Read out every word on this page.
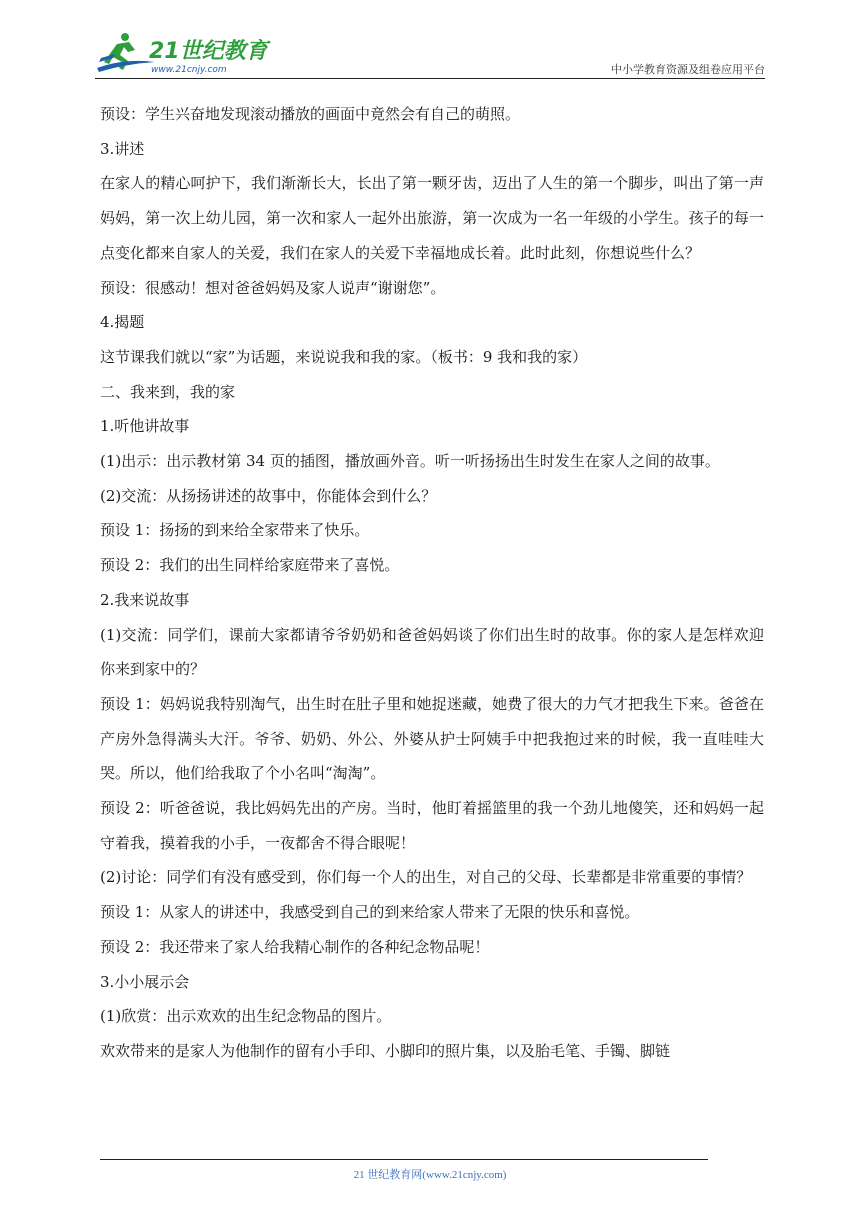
21世纪教育
www.21cnjy.com	中小学教育资源及组卷应用平台

预设：学生兴奋地发现滚动播放的画面中竟然会有自己的萌照。

3.讲述

在家人的精心呵护下，我们渐渐长大，长出了第一颗牙齿，迈出了人生的第一个脚步，叫出了第一声妈妈，第一次上幼儿园，第一次和家人一起外出旅游，第一次成为一名一年级的小学生。孩子的每一点变化都来自家人的关爱，我们在家人的关爱下幸福地成长着。此时此刻，你想说些什么？

预设：很感动！想对爸爸妈妈及家人说声“谢谢您”。

4.揭题

这节课我们就以“家”为话题，来说说我和我的家。（板书：9 我和我的家）

二、我来到，我的家

1.听他讲故事

(1)出示：出示教材第 34 页的插图，播放画外音。听一听扬扬出生时发生在家人之间的故事。

(2)交流：从扬扬讲述的故事中，你能体会到什么？

预设 1：扬扬的到来给全家带来了快乐。

预设 2：我们的出生同样给家庭带来了喜悦。

2.我来说故事

(1)交流：同学们，课前大家都请爷爷奶奶和爸爸妈妈谈了你们出生时的故事。你的家人是怎样欢迎你来到家中的？

预设 1：妈妈说我特别淘气，出生时在肚子里和她捉迷藏，她费了很大的力气才把我生下来。爸爸在产房外急得满头大汗。爷爷、奶奶、外公、外婆从护士阿姨手中把我抱过来的时候，我一直哇哇大哭。所以，他们给我取了个小名叫“淘淘”。

预设 2：听爸爸说，我比妈妈先出的产房。当时，他盯着摇篮里的我一个劲儿地傻笑，还和妈妈一起守着我，摸着我的小手，一夜都舍不得合眼呢！

(2)讨论：同学们有没有感受到，你们每一个人的出生，对自己的父母、长辈都是非常重要的事情？

预设 1：从家人的讲述中，我感受到自己的到来给家人带来了无限的快乐和喜悦。

预设 2：我还带来了家人给我精心制作的各种纪念物品呢！

3.小小展示会

(1)欣赏：出示欢欢的出生纪念物品的图片。

欢欢带来的是家人为他制作的留有小手印、小脚印的照片集，以及胎毛笔、手镯、脚链

21 世纪教育网(www.21cnjy.com)
